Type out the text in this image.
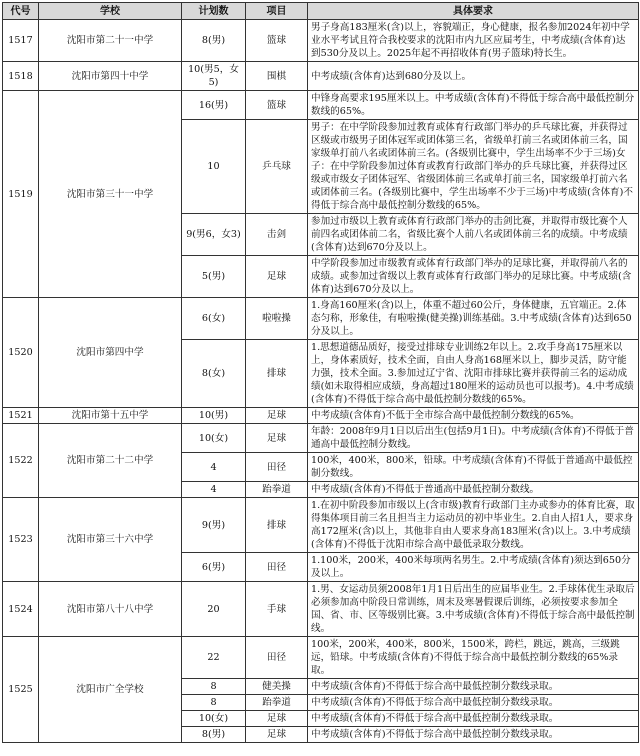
代号	学校	计划数	项目	具体要求
1517	沈阳市第二十一中学	8(男)	篮球	男子身高183厘米(含)以上，容貌端正，身心健康，报名参加2024年初中学业水平考试且符合我校要求的沈阳市内九区应届考生，中考成绩(含体育)达到530分及以上。2025年起不再招收体育(男子篮球)特长生。
1518	沈阳市第四十中学	10(男5，女5)	围棋	中考成绩(含体育)达到680分及以上。
1519	沈阳市第三十一中学	16(男)	篮球	中锋身高要求195厘米以上。中考成绩(含体育)不得低于综合高中最低控制分数线的65%。
		10	乒乓球	男子：在中学阶段参加过教育或体育行政部门举办的乒乓球比赛，并获得过区级或市级男子团体冠军或团体第三名，省级单打前三名或团体前三名，国家级单打前八名或团体前三名。(各级别比赛中，学生出场率不少于三场)女子：在中学阶段参加过体育或教育行政部门举办的乒乓球比赛，并获得过区级或市级女子团体冠军、省级团体前三名或单打前三名，国家级单打前六名或团体前三名。(各级别比赛中，学生出场率不少于三场)中考成绩(含体育)不得低于综合高中最低控制分数线的65%。
		9(男6，女3)	击剑	参加过市级以上教育或体育行政部门举办的击剑比赛，并取得市级比赛个人前四名或团体前二名，省级比赛个人前八名或团体前三名的成绩。中考成绩(含体育)达到670分及以上。
		5(男)	足球	中学阶段参加过市级教育或体育行政部门举办的足球比赛，并取得前八名的成绩。或参加过省级以上教育或体育行政部门举办的足球比赛。中考成绩(含体育)达到670分及以上。
1520	沈阳市第四中学	6(女)	啦啦操	1.身高160厘米(含)以上，体重不超过60公斤，身体健康，五官端正。2.体态匀称，形象佳，有啦啦操(健美操)训练基础。3.中考成绩(含体育)达到650分及以上。
		8(女)	排球	1.思想道德品质好，接受过排球专业训练2年以上。2.攻手身高175厘米以上，身体素质好，技术全面，自由人身高168厘米以上，脚步灵活，防守能力强，技术全面。3.参加过辽宁省、沈阳市排球比赛并获得前三名的运动成绩(如未取得相应成绩，身高超过180厘米的运动员也可以报考)。4.中考成绩(含体育)不得低于综合高中最低控制分数线的65%。
1521	沈阳市第十五中学	10(男)	足球	中考成绩(含体育)不低于全市综合高中最低控制分数线的65%。
1522	沈阳市第二十二中学	10(女)	足球	年龄：2008年9月1日以后出生(包括9月1日)。中考成绩(含体育)不得低于普通高中最低控制分数线。
		4	田径	100米，400米，800米，铅球。中考成绩(含体育)不得低于普通高中最低控制分数线。
		4	跆拳道	中考成绩(含体育)不得低于普通高中最低控制分数线。
1523	沈阳市第三十六中学	9(男)	排球	1.在初中阶段参加市级以上(含市级)教育行政部门主办或参办的体育比赛，取得集体项目前三名且担当主力运动员的初中毕业生。2.自由人招1人，要求身高172厘米(含)以上，其他非自由人要求身高183厘米(含)以上。3.中考成绩(含体育)不得低于沈阳市综合高中最低录取分数线。
		6(男)	田径	1.100米，200米，400米每项两名男生。2.中考成绩(含体育)须达到650分及以上。
1524	沈阳市第八十八中学	20	手球	1.男、女运动员须2008年1月1日后出生的应届毕业生。2.手球体优生录取后必须参加高中阶段日常训练，周末及寒暑假课后训练，必须按要求参加全国、省、市、区等级别比赛。3.中考成绩(含体育)不得低于综合高中最低控制线。
1525	沈阳市广全学校	22	田径	100米，200米，400米，800米，1500米，跨栏，跳远，跳高，三级跳远，铅球。中考成绩(含体育)不得低于综合高中最低控制分数线的65%录取。
		8	健美操	中考成绩(含体育)不得低于综合高中最低控制分数线录取。
		8	跆拳道	中考成绩(含体育)不得低于综合高中最低控制分数线录取。
		10(女)	足球	中考成绩(含体育)不得低于综合高中最低控制分数线录取。
		8(男)	足球	中考成绩(含体育)不得低于综合高中最低控制分数线录取。
